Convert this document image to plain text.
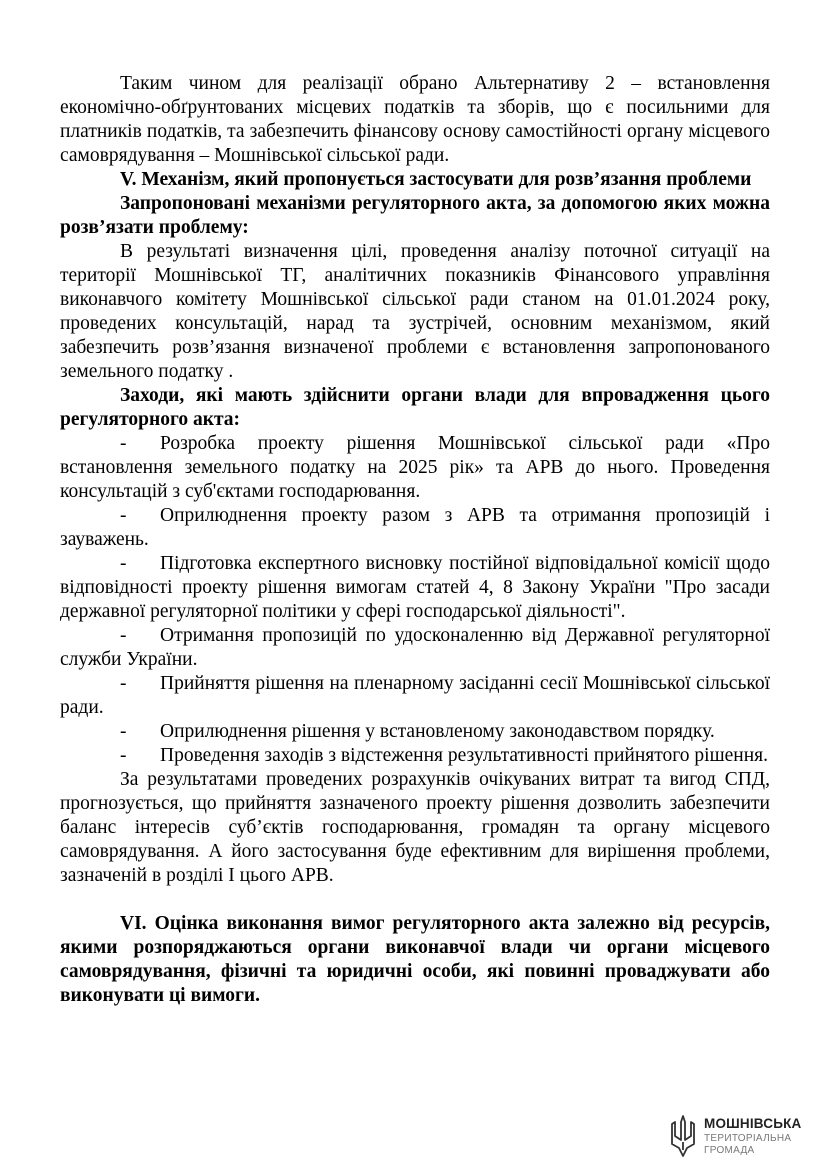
Таким чином для реалізації обрано Альтернативу 2 – встановлення економічно-обґрунтованих місцевих податків та зборів, що є посильними для платників податків, та забезпечить фінансову основу самостійності органу місцевого самоврядування – Мошнівської сільської ради.

V. Механізм, який пропонується застосувати для розв’язання проблеми

Запропоновані механізми регуляторного акта, за допомогою яких можна розв’язати проблему:

В результаті визначення цілі, проведення аналізу поточної ситуації на території Мошнівської ТГ, аналітичних показників Фінансового управління виконавчого комітету Мошнівської сільської ради станом на 01.01.2024 року, проведених консультацій, нарад та зустрічей, основним механізмом, який забезпечить розв’язання визначеної проблеми є встановлення запропонованого земельного податку .

Заходи, які мають здійснити органи влади для впровадження цього регуляторного акта:

- Розробка проекту рішення Мошнівської сільської ради «Про встановлення земельного податку на 2025 рік» та АРВ до нього. Проведення консультацій з суб'єктами господарювання.

- Оприлюднення проекту разом з АРВ та отримання пропозицій і зауважень.

- Підготовка експертного висновку постійної відповідальної комісії щодо відповідності проекту рішення вимогам статей 4, 8 Закону України "Про засади державної регуляторної політики у сфері господарської діяльності".

- Отримання пропозицій по удосконаленню від Державної регуляторної служби України.

- Прийняття рішення на пленарному засіданні сесії Мошнівської сільської ради.

- Оприлюднення рішення у встановленому законодавством порядку.

- Проведення заходів з відстеження результативності прийнятого рішення.

За результатами проведених розрахунків очікуваних витрат та вигод СПД, прогнозується, що прийняття зазначеного проекту рішення дозволить забезпечити баланс інтересів суб’єктів господарювання, громадян та органу місцевого самоврядування. А його застосування буде ефективним для вирішення проблеми, зазначеній в розділі І цього АРВ.

VI. Оцінка виконання вимог регуляторного акта залежно від ресурсів, якими розпоряджаються органи виконавчої влади чи органи місцевого самоврядування, фізичні та юридичні особи, які повинні проваджувати або виконувати ці вимоги.

МОШНІВСЬКА
ТЕРИТОРІАЛЬНА
ГРОМАДА
